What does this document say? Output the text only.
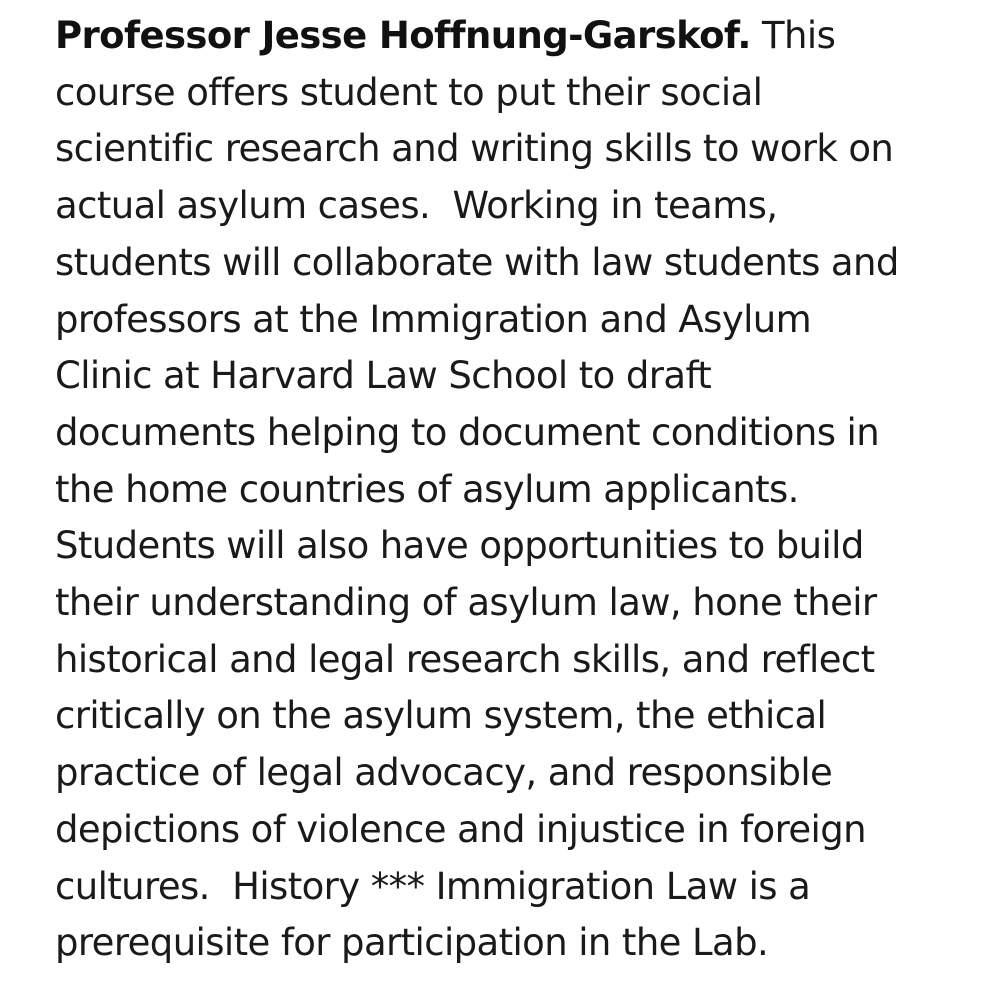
Professor Jesse Hoffnung-Garskof. This
course offers student to put their social
scientific research and writing skills to work on
actual asylum cases.  Working in teams,
students will collaborate with law students and
professors at the Immigration and Asylum
Clinic at Harvard Law School to draft
documents helping to document conditions in
the home countries of asylum applicants.
Students will also have opportunities to build
their understanding of asylum law, hone their
historical and legal research skills, and reflect
critically on the asylum system, the ethical
practice of legal advocacy, and responsible
depictions of violence and injustice in foreign
cultures.  History *** Immigration Law is a
prerequisite for participation in the Lab.
